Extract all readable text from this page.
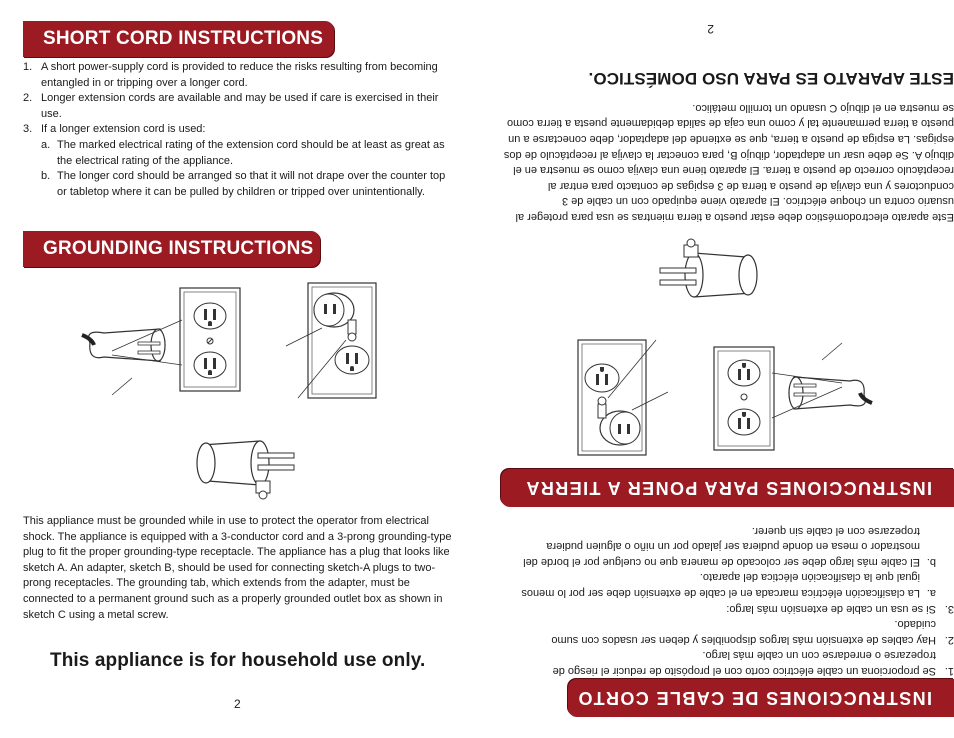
SHORT CORD INSTRUCTIONS
1. A short power-supply cord is provided to reduce the risks resulting from becoming entangled in or tripping over a longer cord.
2. Longer extension cords are available and may be used if care is exercised in their use.
3. If a longer extension cord is used:
a. The marked electrical rating of the extension cord should be at least as great as the electrical rating of the appliance.
b. The longer cord should be arranged so that it will not drape over the counter top or tabletop where it can be pulled by children or tripped over unintentionally.
GROUNDING INSTRUCTIONS

This appliance must be grounded while in use to protect the operator from electrical shock. The appliance is equipped with a 3-conductor cord and a 3-prong grounding-type plug to fit the proper grounding-type receptacle. The appliance has a plug that looks like sketch A. An adapter, sketch B, should be used for connecting sketch-A plugs to two-prong receptacles. The grounding tab, which extends from the adapter, must be connected to a permanent ground such as a properly grounded outlet box as shown in sketch C using a metal screw.

This appliance is for household use only.

2
2

ESTE APARATO ES PARA USO DOMÉSTICO.

Este aparato electrodoméstico debe estar puesto a tierra mientras se usa para proteger al usuario contra un choque eléctrico. El aparato viene equipado con un cable de 3 conductores y una clavija de puesto a tierra de 3 espigas de contacto para entrar al receptáculo correcto de puesto a tierra. El aparato tiene una clavija como se muestra en el dibujo A. Se debe usar un adaptador, dibujo B, para conectar la clavija al receptáculo de dos espigas. La espiga de puesto a tierra, que se extiende del adaptador, debe conectarse a un puesto a tierra permanente tal y como una caja de salida debidamente puesta a tierra como se muestra en el dibujo C usando un tornillo metálico.

INSTRUCCIONES PARA PONER A TIERRA
1.
Se proporciona un cable eléctrico corto con el propósito de reducir el riesgo de tropezarse o enredarse con un cable más largo.
2.
Hay cables de extensión más largos disponibles y deben ser usados con sumo cuidado.
3.
Si se usa un cable de extensión más largo:
a.
La clasificación eléctrica marcada en el cable de extensión debe ser por lo menos igual que la clasificación eléctica del aparato.
b.
El cable más largo debe ser colocado de manera que no cuelgue por el borde del mostrador o mesa en donde pudiera ser jalado por un niño o alguien pudiera tropezarse con el cable sin querer.
INSTRUCCIONES DE CABLE CORTO
